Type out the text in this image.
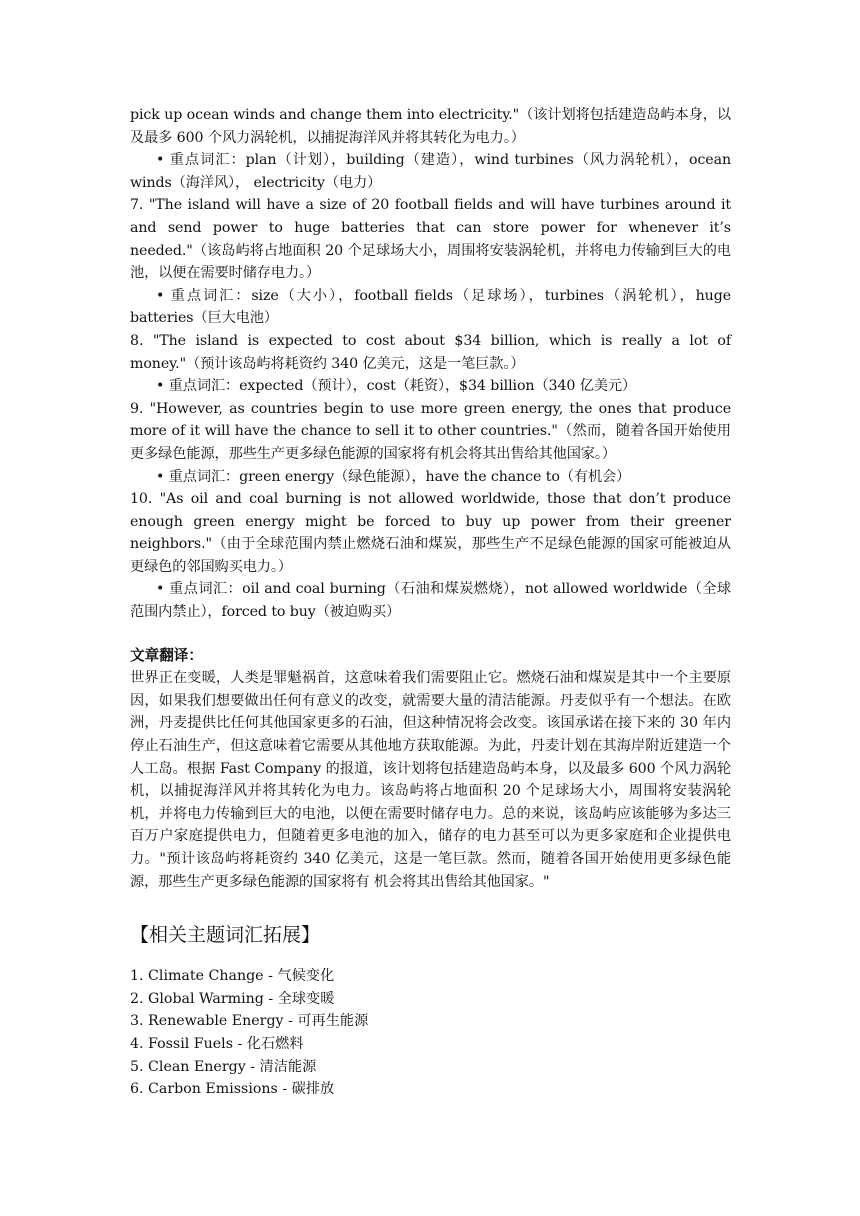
pick up ocean winds and change them into electricity."（该计划将包括建造岛屿本身，以及最多 600 个风力涡轮机，以捕捉海洋风并将其转化为电力。）

• 重点词汇：plan（计划），building（建造），wind turbines（风力涡轮机），ocean winds（海洋风）， electricity（电力）

7. "The island will have a size of 20 football fields and will have turbines around it and send power to huge batteries that can store power for whenever it’s needed."（该岛屿将占地面积 20 个足球场大小，周围将安装涡轮机，并将电力传输到巨大的电池，以便在需要时储存电力。）

• 重点词汇：size（大小），football fields（足球场），turbines（涡轮机），huge batteries（巨大电池）

8. "The island is expected to cost about $34 billion, which is really a lot of money."（预计该岛屿将耗资约 340 亿美元，这是一笔巨款。）

• 重点词汇：expected（预计），cost（耗资），$34 billion（340 亿美元）

9. "However, as countries begin to use more green energy, the ones that produce more of it will have the chance to sell it to other countries."（然而，随着各国开始使用更多绿色能源，那些生产更多绿色能源的国家将有机会将其出售给其他国家。）

• 重点词汇：green energy（绿色能源），have the chance to（有机会）

10. "As oil and coal burning is not allowed worldwide, those that don’t produce enough green energy might be forced to buy up power from their greener neighbors."（由于全球范围内禁止燃烧石油和煤炭，那些生产不足绿色能源的国家可能被迫从更绿色的邻国购买电力。）

• 重点词汇：oil and coal burning（石油和煤炭燃烧），not allowed worldwide（全球范围内禁止），forced to buy（被迫购买）

文章翻译：

世界正在变暖，人类是罪魁祸首，这意味着我们需要阻止它。燃烧石油和煤炭是其中一个主要原因，如果我们想要做出任何有意义的改变，就需要大量的清洁能源。丹麦似乎有一个想法。在欧洲，丹麦提供比任何其他国家更多的石油，但这种情况将会改变。该国承诺在接下来的 30 年内停止石油生产，但这意味着它需要从其他地方获取能源。为此，丹麦计划在其海岸附近建造一个人工岛。根据 Fast Company 的报道，该计划将包括建造岛屿本身，以及最多 600 个风力涡轮机，以捕捉海洋风并将其转化为电力。该岛屿将占地面积 20 个足球场大小，周围将安装涡轮机，并将电力传输到巨大的电池，以便在需要时储存电力。总的来说，该岛屿应该能够为多达三百万户家庭提供电力，但随着更多电池的加入，储存的电力甚至可以为更多家庭和企业提供电力。"预计该岛屿将耗资约 340 亿美元，这是一笔巨款。然而，随着各国开始使用更多绿色能源，那些生产更多绿色能源的国家将有 机会将其出售给其他国家。"

【相关主题词汇拓展】

1. Climate Change - 气候变化
2. Global Warming - 全球变暖
3. Renewable Energy - 可再生能源
4. Fossil Fuels - 化石燃料
5. Clean Energy - 清洁能源
6. Carbon Emissions - 碳排放
